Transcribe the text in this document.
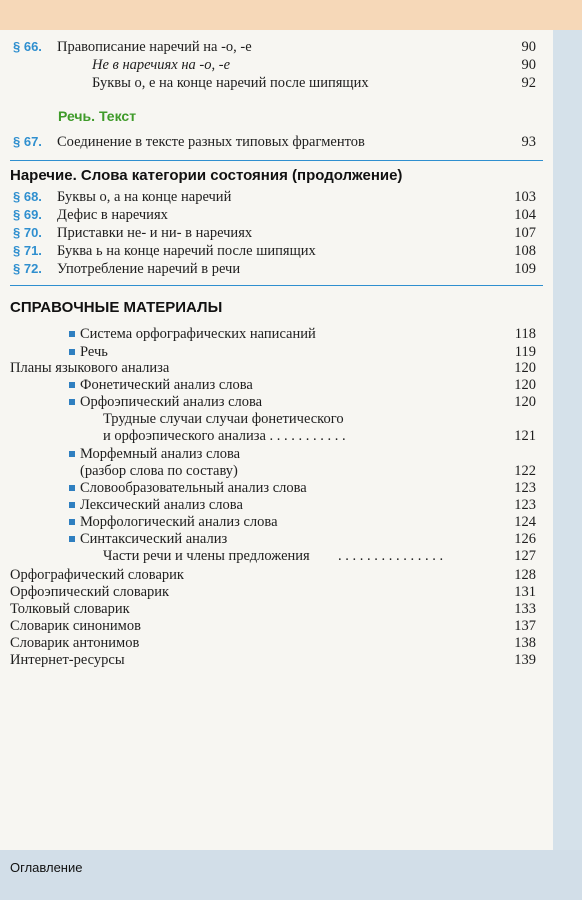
§ 66. Правописание наречий на -о, -е	90
Не в наречиях на -о, -е	90
Буквы о, е на конце наречий после шипящих	92
Речь. Текст
§ 67. Соединение в тексте разных типовых фрагментов	93
Наречие. Слова категории состояния (продолжение)
§ 68. Буквы о, а на конце наречий	103
§ 69. Дефис в наречиях	104
§ 70. Приставки не- и ни- в наречиях	107
§ 71. Буква ь на конце наречий после шипящих	108
§ 72. Употребление наречий в речи	109
СПРАВОЧНЫЕ МАТЕРИАЛЫ
Система орфографических написаний	118
Речь	119
Планы языкового анализа	120
Фонетический анализ слова	120
Орфоэпический анализ слова	120
Трудные случаи случаи фонетического
и орфоэпического анализа . . . . . . . . . . .	121
Морфемный анализ слова
(разбор слова по составу)	122
Словообразовательный анализ слова	123
Лексический анализ слова	123
Морфологический анализ слова	124
Синтаксический анализ	126
Части речи и члены предложения . . . . . . . . . . . . . . .	127
Орфографический словарик	128
Орфоэпический словарик	131
Толковый словарик	133
Словарик синонимов	137
Словарик антонимов	138
Интернет-ресурсы	139
Оглавление
